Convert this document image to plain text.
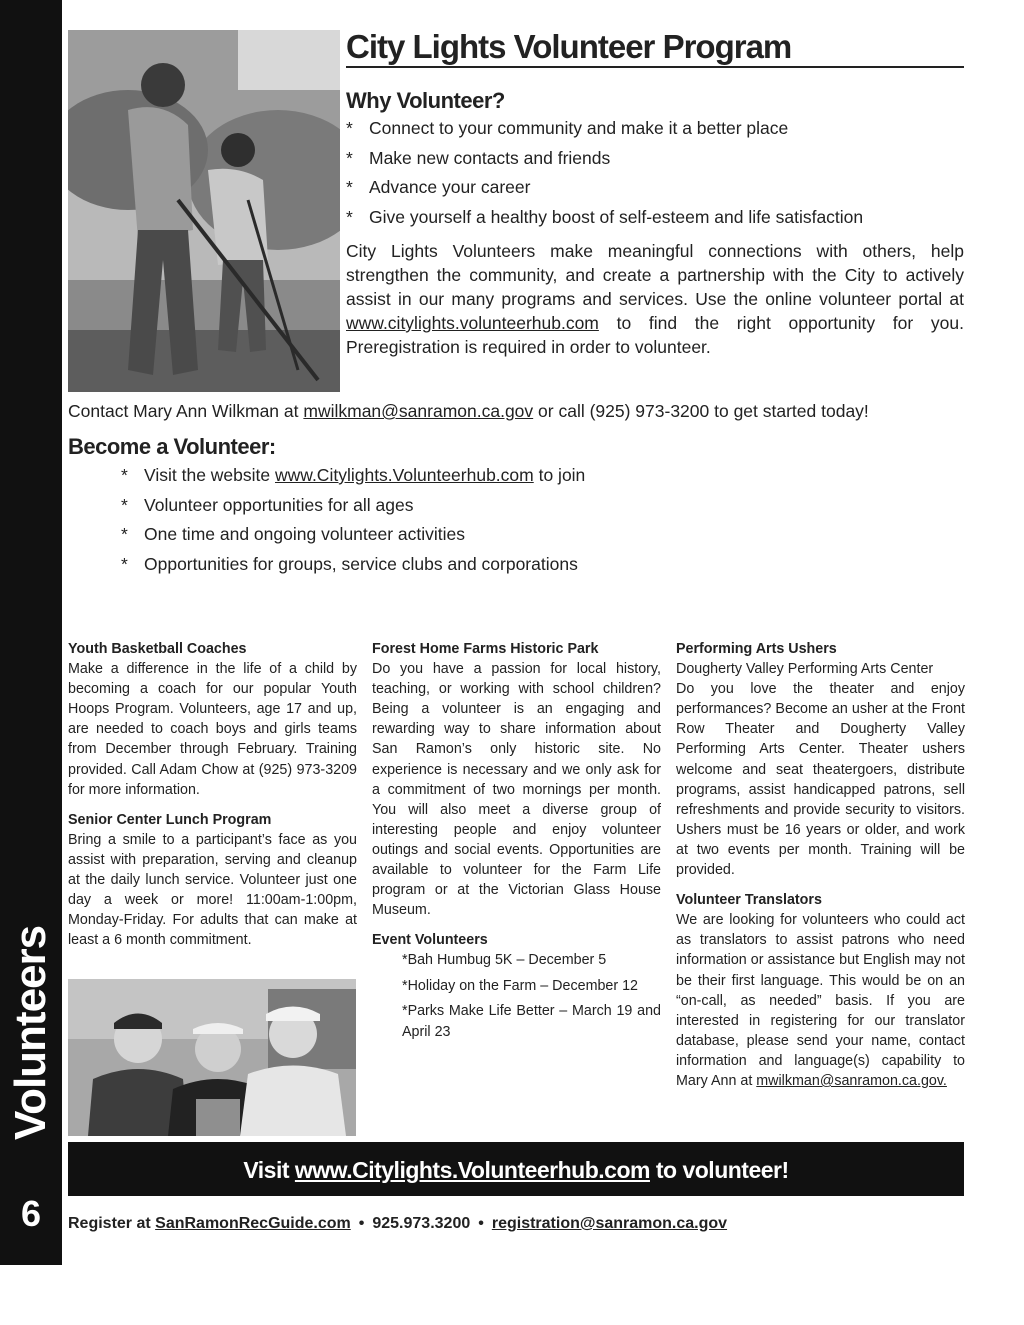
Volunteers
6
City Lights Volunteer Program
Why Volunteer?
* Connect to your community and make it a better place
* Make new contacts and friends
* Advance your career
* Give yourself a healthy boost of self-esteem and life satisfaction

City Lights Volunteers make meaningful connections with others, help strengthen the community, and create a partnership with the City to actively assist in our many programs and services. Use the online volunteer portal at www.citylights.volunteerhub.com to find the right opportunity for you. Preregistration is required in order to volunteer.

Contact Mary Ann Wilkman at mwilkman@sanramon.ca.gov or call (925) 973-3200 to get started today!

Become a Volunteer:
* Visit the website www.Citylights.Volunteerhub.com to join
* Volunteer opportunities for all ages
* One time and ongoing volunteer activities
* Opportunities for groups, service clubs and corporations
Youth Basketball Coaches

Make a difference in the life of a child by becoming a coach for our popular Youth Hoops Program. Volunteers, age 17 and up, are needed to coach boys and girls teams from December through February. Training provided. Call Adam Chow at (925) 973-3209 for more information.

Senior Center Lunch Program

Bring a smile to a participant’s face as you assist with preparation, serving and cleanup at the daily lunch service. Volunteer just one day a week or more! 11:00am-1:00pm, Monday-Friday. For adults that can make at least a 6 month commitment.

Forest Home Farms Historic Park

Do you have a passion for local history, teaching, or working with school children? Being a volunteer is an engaging and rewarding way to share information about San Ramon’s only historic site. No experience is necessary and we only ask for a commitment of two mornings per month. You will also meet a diverse group of interesting people and enjoy volunteer outings and social events. Opportunities are available to volunteer for the Farm Life program or at the Victorian Glass House Museum.

Event Volunteers
*Bah Humbug 5K – December 5
*Holiday on the Farm – December 12
*Parks Make Life Better – March 19 and April 23
Performing Arts Ushers

Dougherty Valley Performing Arts Center

Do you love the theater and enjoy performances? Become an usher at the Front Row Theater and Dougherty Valley Performing Arts Center. Theater ushers welcome and seat theatergoers, distribute programs, assist handicapped patrons, sell refreshments and provide security to visitors. Ushers must be 16 years or older, and work at two events per month. Training will be provided.

Volunteer Translators

We are looking for volunteers who could act as translators to assist patrons who need information or assistance but English may not be their first language. This would be on an “on-call, as needed” basis. If you are interested in registering for our translator database, please send your name, contact information and language(s) capability to Mary Ann at mwilkman@sanramon.ca.gov.

Visit www.Citylights.Volunteerhub.com to volunteer!
Register at SanRamonRecGuide.com • 925.973.3200 • registration@sanramon.ca.gov
